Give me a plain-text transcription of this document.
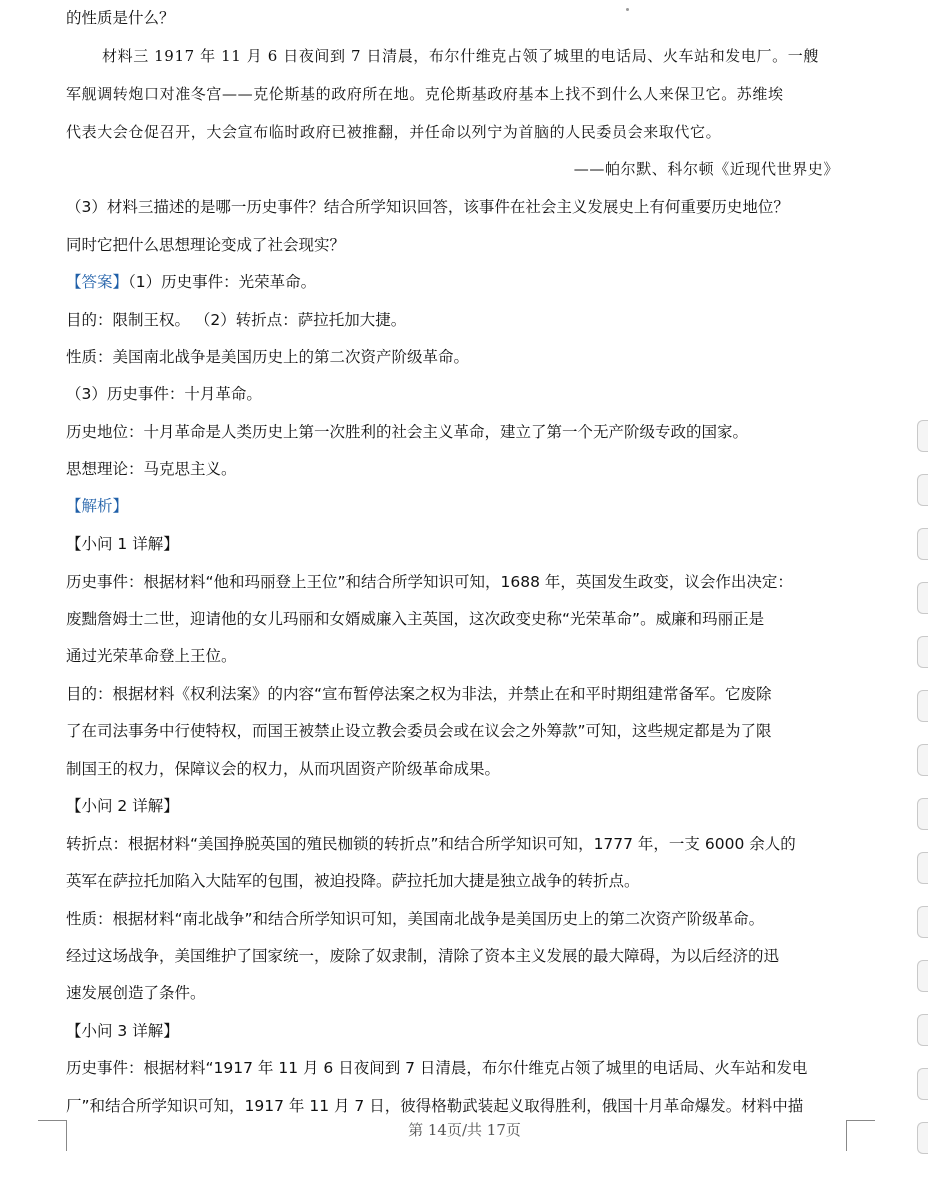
的性质是什么？
材料三 1917 年 11 月 6 日夜间到 7 日清晨，布尔什维克占领了城里的电话局、火车站和发电厂。一艘
军舰调转炮口对准冬宫——克伦斯基的政府所在地。克伦斯基政府基本上找不到什么人来保卫它。苏维埃
代表大会仓促召开，大会宣布临时政府已被推翻，并任命以列宁为首脑的人民委员会来取代它。
——帕尔默、科尔顿《近现代世界史》
（3）材料三描述的是哪一历史事件？结合所学知识回答，该事件在社会主义发展史上有何重要历史地位？
同时它把什么思想理论变成了社会现实？
【答案】（1）历史事件：光荣革命。
目的：限制王权。 （2）转折点：萨拉托加大捷。
性质：美国南北战争是美国历史上的第二次资产阶级革命。
（3）历史事件：十月革命。
历史地位：十月革命是人类历史上第一次胜利的社会主义革命，建立了第一个无产阶级专政的国家。
思想理论：马克思主义。
【解析】
【小问 1 详解】
历史事件：根据材料“他和玛丽登上王位”和结合所学知识可知，1688 年，英国发生政变，议会作出决定：
废黜詹姆士二世，迎请他的女儿玛丽和女婿威廉入主英国，这次政变史称“光荣革命”。威廉和玛丽正是
通过光荣革命登上王位。
目的：根据材料《权利法案》的内容“宣布暂停法案之权为非法，并禁止在和平时期组建常备军。它废除
了在司法事务中行使特权，而国王被禁止设立教会委员会或在议会之外筹款”可知，这些规定都是为了限
制国王的权力，保障议会的权力，从而巩固资产阶级革命成果。
【小问 2 详解】
转折点：根据材料“美国挣脱英国的殖民枷锁的转折点”和结合所学知识可知，1777 年，一支 6000 余人的
英军在萨拉托加陷入大陆军的包围，被迫投降。萨拉托加大捷是独立战争的转折点。
性质：根据材料“南北战争”和结合所学知识可知，美国南北战争是美国历史上的第二次资产阶级革命。
经过这场战争，美国维护了国家统一，废除了奴隶制，清除了资本主义发展的最大障碍，为以后经济的迅
速发展创造了条件。
【小问 3 详解】
历史事件：根据材料“1917 年 11 月 6 日夜间到 7 日清晨，布尔什维克占领了城里的电话局、火车站和发电
厂”和结合所学知识可知，1917 年 11 月 7 日，彼得格勒武装起义取得胜利，俄国十月革命爆发。材料中描
第 14页/共 17页
